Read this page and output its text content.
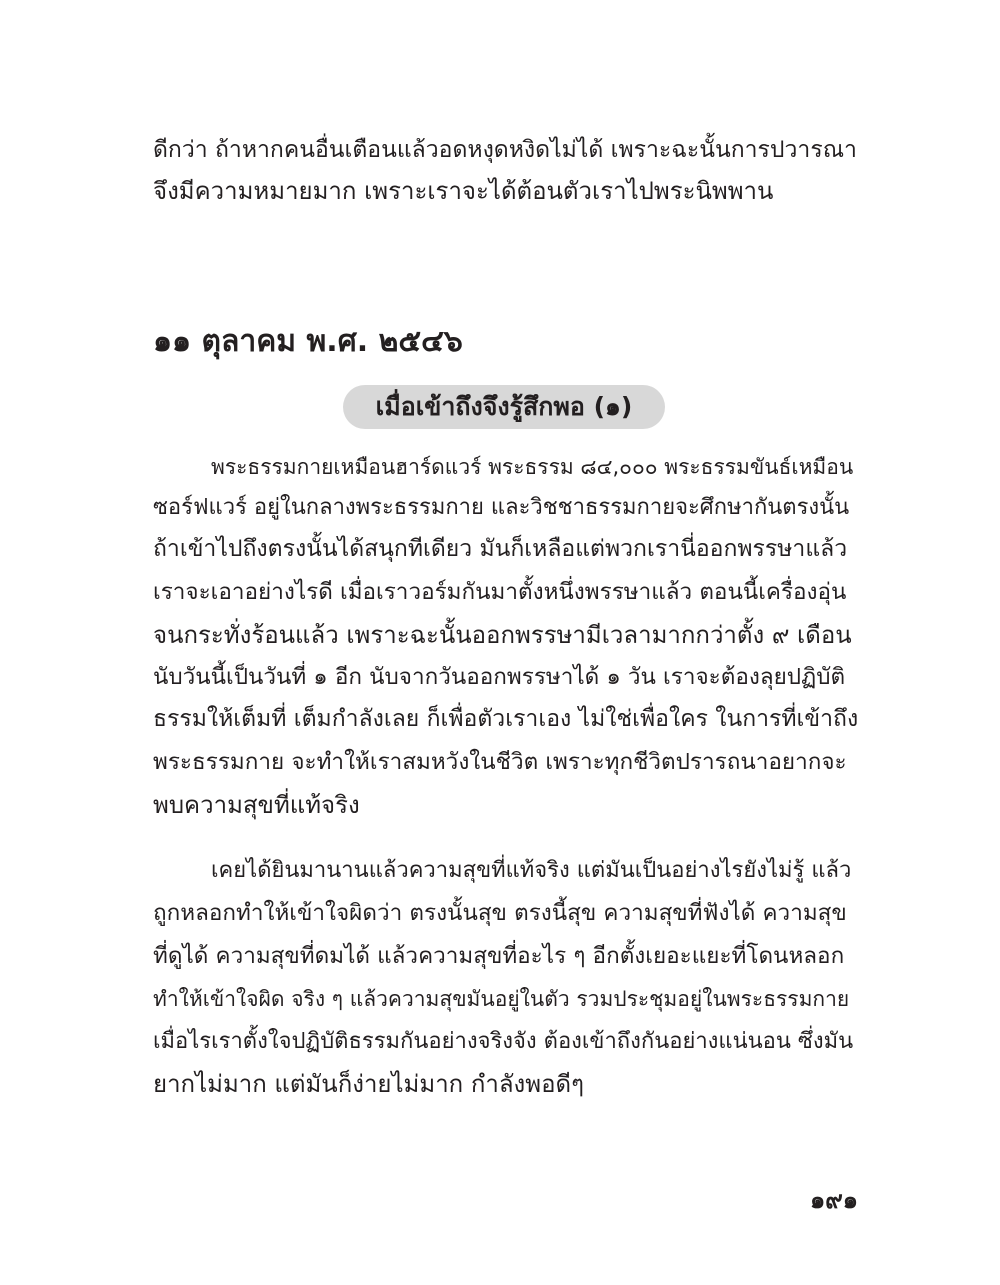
ดีกว่า ถ้าหากคนอื่นเตือนแล้วอดหงุดหงิดไม่ได้ เพราะฉะนั้นการปวารณา
จึงมีความหมายมาก เพราะเราจะได้ต้อนตัวเราไปพระนิพพาน
๑๑ ตุลาคม พ.ศ. ๒๕๔๖
เมื่อเข้าถึงจึงรู้สึกพอ (๑)
พระธรรมกายเหมือนฮาร์ดแวร์ พระธรรม ๘๔,๐๐๐ พระธรรมขันธ์เหมือน
ซอร์ฟแวร์ อยู่ในกลางพระธรรมกาย และวิชชาธรรมกายจะศึกษากันตรงนั้น
ถ้าเข้าไปถึงตรงนั้นได้สนุกทีเดียว มันก็เหลือแต่พวกเรานี่ออกพรรษาแล้ว
เราจะเอาอย่างไรดี เมื่อเราวอร์มกันมาตั้งหนึ่งพรรษาแล้ว ตอนนี้เครื่องอุ่น
จนกระทั่งร้อนแล้ว เพราะฉะนั้นออกพรรษามีเวลามากกว่าตั้ง ๙ เดือน
นับวันนี้เป็นวันที่ ๑ อีก นับจากวันออกพรรษาได้ ๑ วัน เราจะต้องลุยปฏิบัติ
ธรรมให้เต็มที่ เต็มกำลังเลย ก็เพื่อตัวเราเอง ไม่ใช่เพื่อใคร ในการที่เข้าถึง
พระธรรมกาย จะทำให้เราสมหวังในชีวิต เพราะทุกชีวิตปรารถนาอยากจะ
พบความสุขที่แท้จริง
เคยได้ยินมานานแล้วความสุขที่แท้จริง แต่มันเป็นอย่างไรยังไม่รู้ แล้ว
ถูกหลอกทำให้เข้าใจผิดว่า ตรงนั้นสุข ตรงนี้สุข ความสุขที่ฟังได้ ความสุข
ที่ดูได้ ความสุขที่ดมได้ แล้วความสุขที่อะไร ๆ อีกตั้งเยอะแยะที่โดนหลอก
ทำให้เข้าใจผิด จริง ๆ แล้วความสุขมันอยู่ในตัว รวมประชุมอยู่ในพระธรรมกาย
เมื่อไรเราตั้งใจปฏิบัติธรรมกันอย่างจริงจัง ต้องเข้าถึงกันอย่างแน่นอน ซึ่งมัน
ยากไม่มาก แต่มันก็ง่ายไม่มาก กำลังพอดีๆ
๑๙๑
